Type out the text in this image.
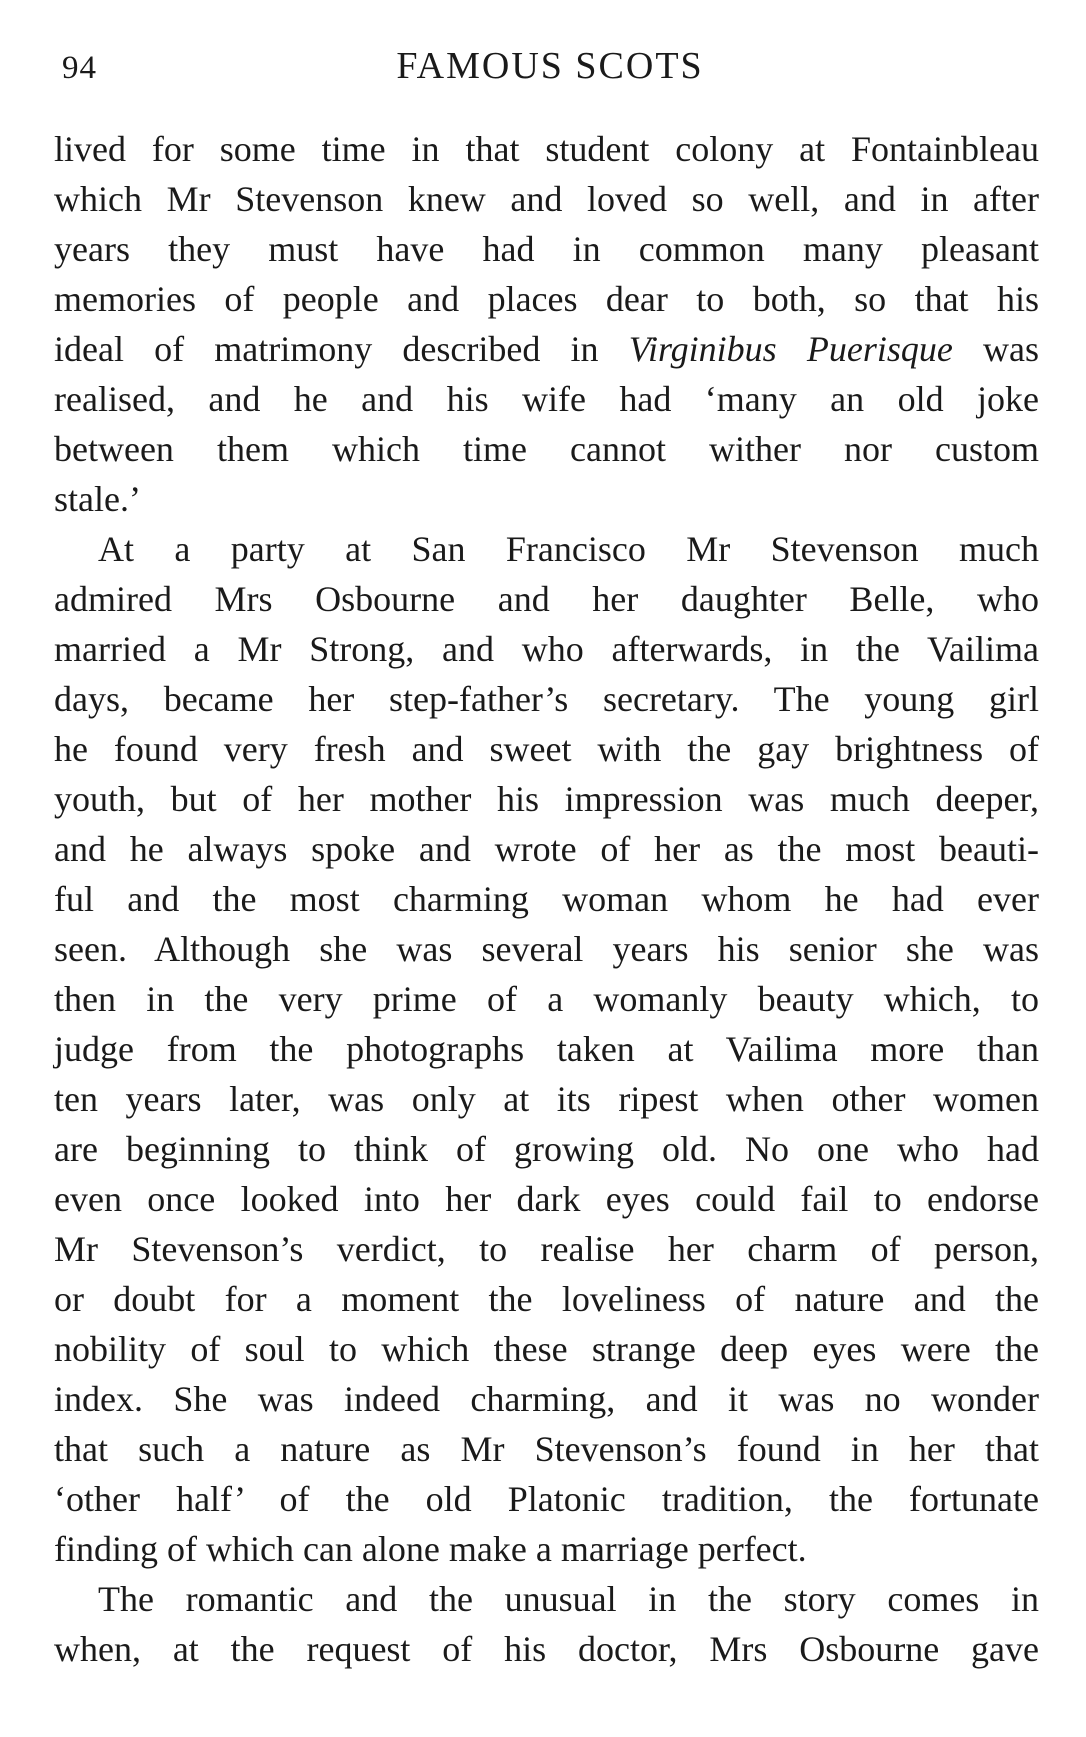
94	FAMOUS SCOTS
lived for some time in that student colony at Fontainbleau
which Mr Stevenson knew and loved so well, and in after
years they must have had in common many pleasant
memories of people and places dear to both, so that his
ideal of matrimony described in Virginibus Puerisque was
realised, and he and his wife had ‘many an old joke
between them which time cannot wither nor custom
stale.’
At a party at San Francisco Mr Stevenson much
admired Mrs Osbourne and her daughter Belle, who
married a Mr Strong, and who afterwards, in the Vailima
days, became her step-father’s secretary. The young girl
he found very fresh and sweet with the gay brightness of
youth, but of her mother his impression was much deeper,
and he always spoke and wrote of her as the most beauti-
ful and the most charming woman whom he had ever
seen. Although she was several years his senior she was
then in the very prime of a womanly beauty which, to
judge from the photographs taken at Vailima more than
ten years later, was only at its ripest when other women
are beginning to think of growing old. No one who had
even once looked into her dark eyes could fail to endorse
Mr Stevenson’s verdict, to realise her charm of person,
or doubt for a moment the loveliness of nature and the
nobility of soul to which these strange deep eyes were the
index. She was indeed charming, and it was no wonder
that such a nature as Mr Stevenson’s found in her that
‘other half’ of the old Platonic tradition, the fortunate
finding of which can alone make a marriage perfect.
The romantic and the unusual in the story comes in
when, at the request of his doctor, Mrs Osbourne gave
